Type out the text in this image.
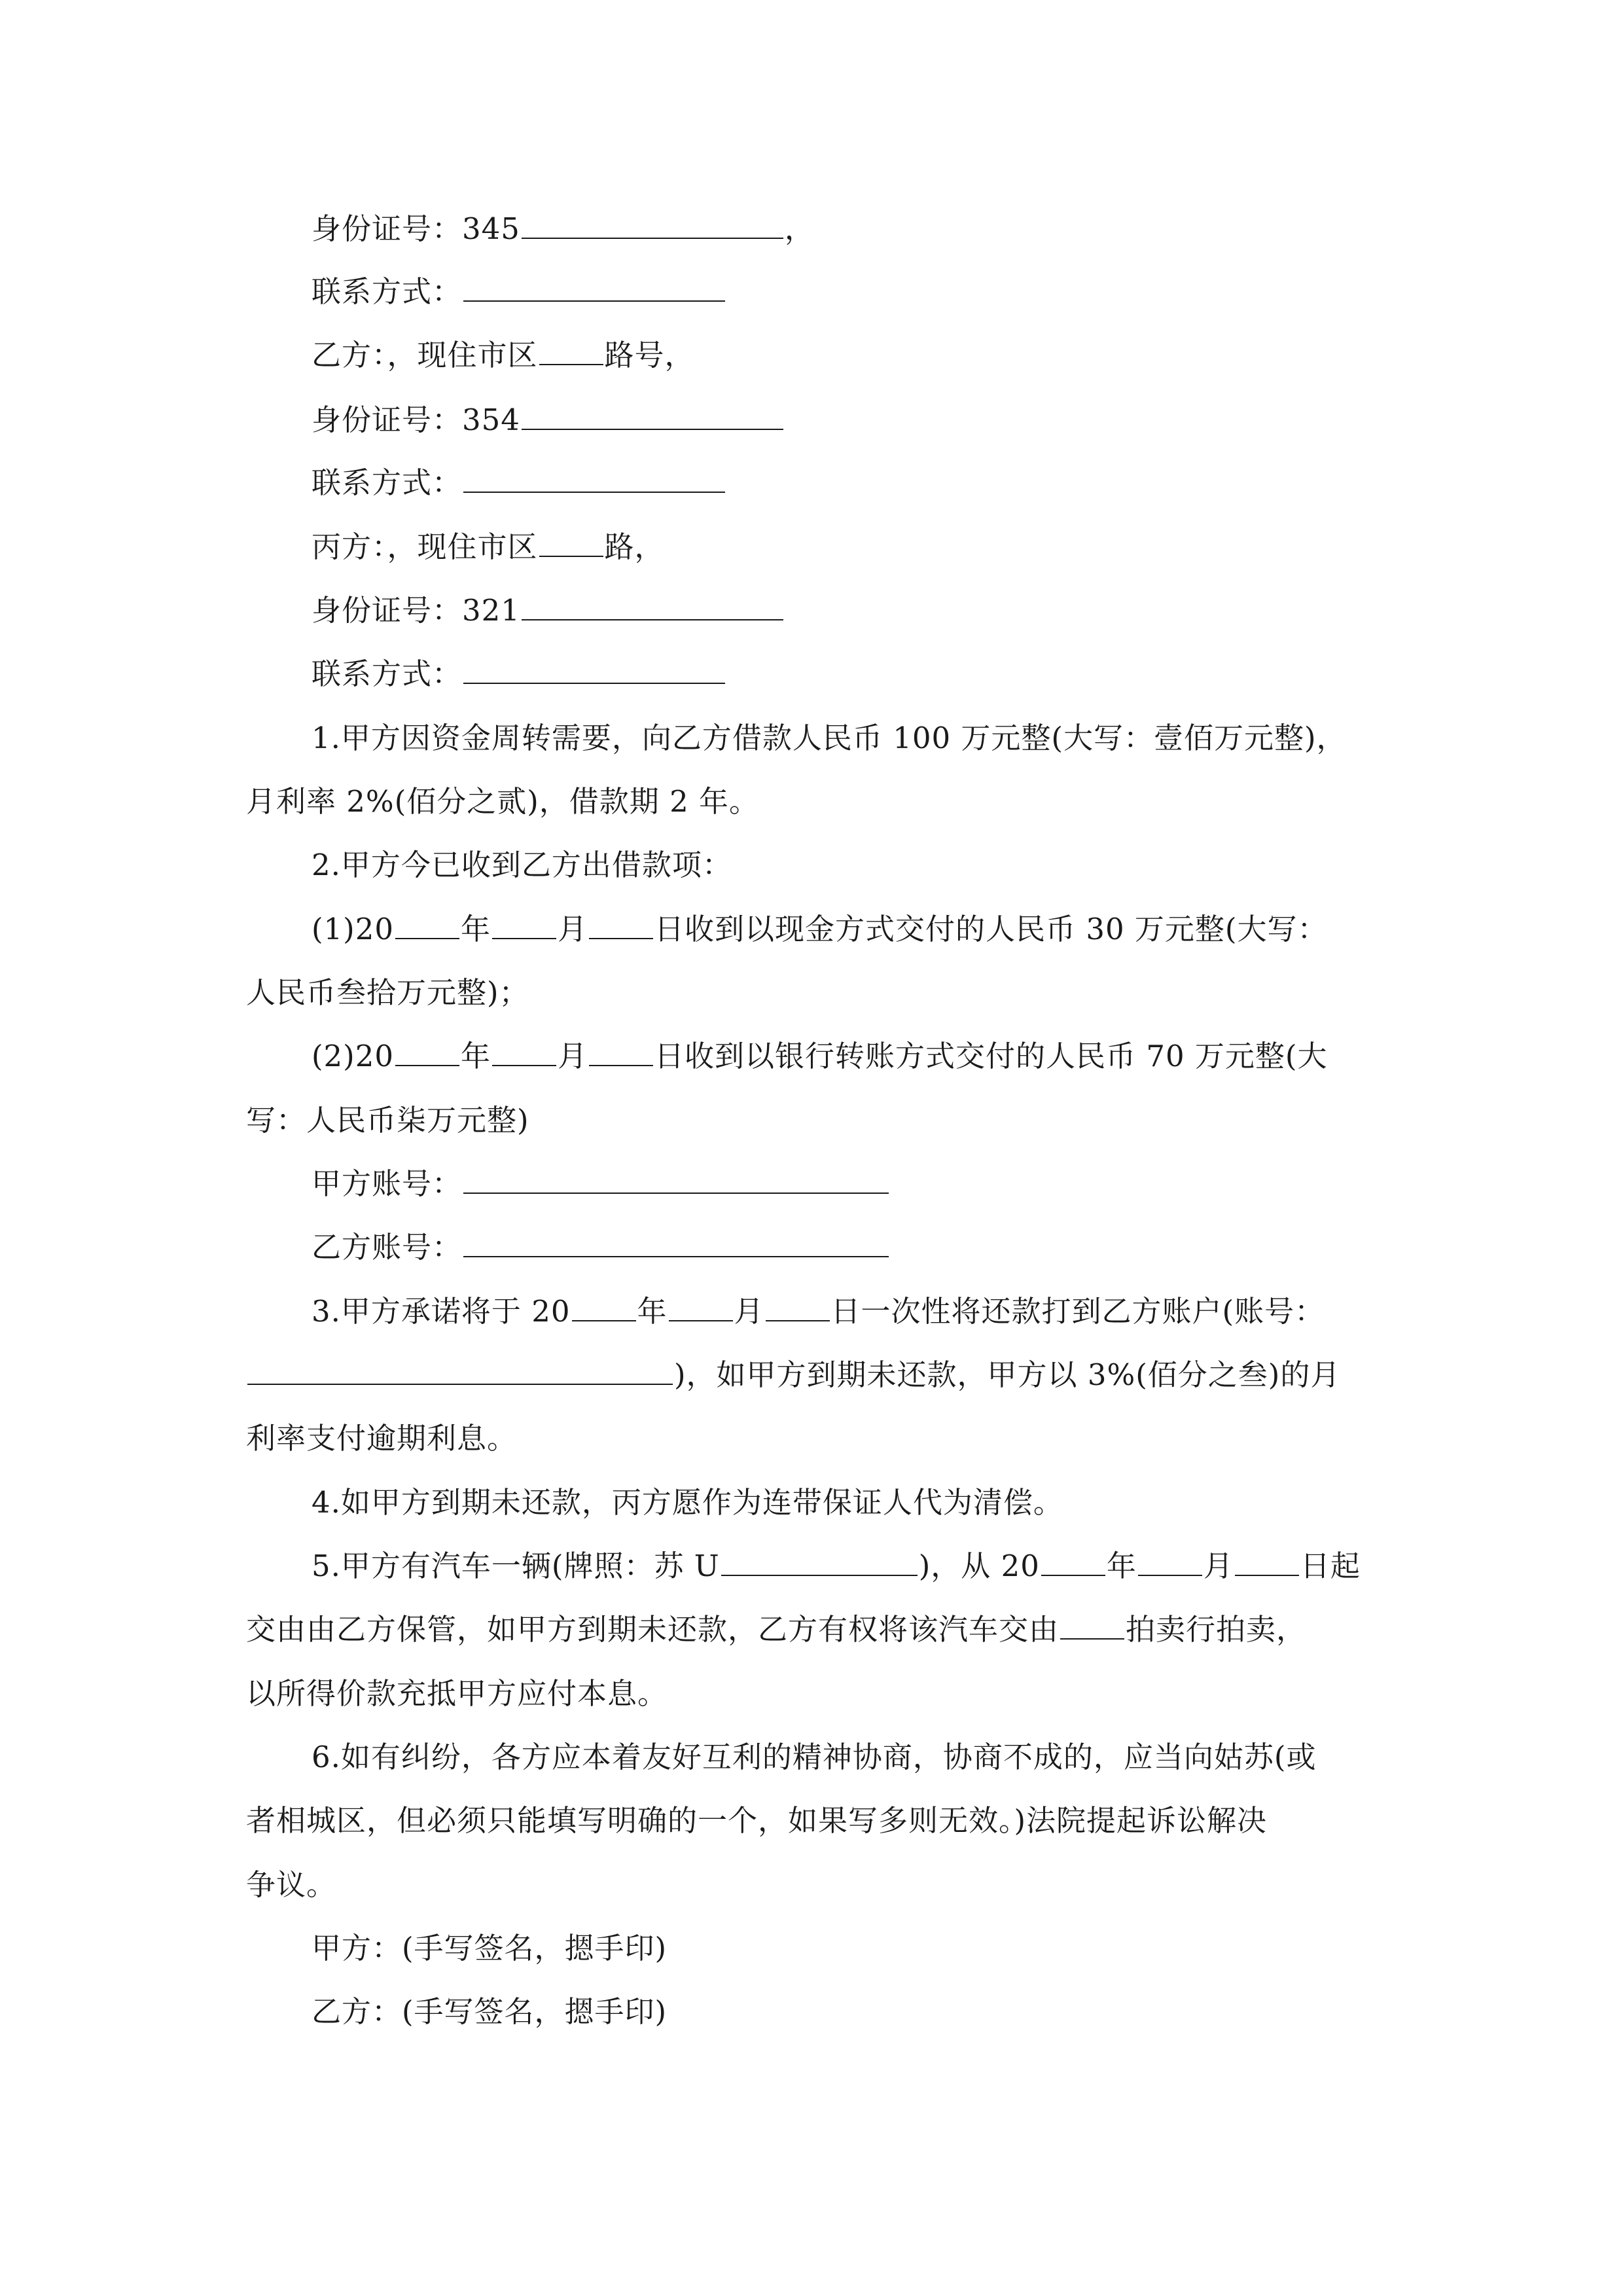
身份证号：345	，
联系方式：
乙方：，现住市区 路号，
身份证号：354
联系方式：
丙方：，现住市区 路，
身份证号：321
联系方式：
1.甲方因资金周转需要，向乙方借款人民币 100 万元整(大写：壹佰万元整)，
月利率 2%(佰分之贰)，借款期 2 年。
2.甲方今已收到乙方出借款项：
(1)20 年 月 日收到以现金方式交付的人民币 30 万元整(大写：
人民币叁拾万元整)；
(2)20 年 月 日收到以银行转账方式交付的人民币 70 万元整(大
写：人民币柒万元整)
甲方账号：
乙方账号：
3.甲方承诺将于 20 年 月 日一次性将还款打到乙方账户(账号：
)，如甲方到期未还款，甲方以 3%(佰分之叁)的月
利率支付逾期利息。
4.如甲方到期未还款，丙方愿作为连带保证人代为清偿。
5.甲方有汽车一辆(牌照：苏 U	)，从 20 年 月 日起
交由由乙方保管，如甲方到期未还款，乙方有权将该汽车交由 拍卖行拍卖，
以所得价款充抵甲方应付本息。
6.如有纠纷，各方应本着友好互利的精神协商，协商不成的，应当向姑苏(或
者相城区，但必须只能填写明确的一个，如果写多则无效。)法院提起诉讼解决
争议。
甲方：(手写签名，摁手印)
乙方：(手写签名，摁手印)
